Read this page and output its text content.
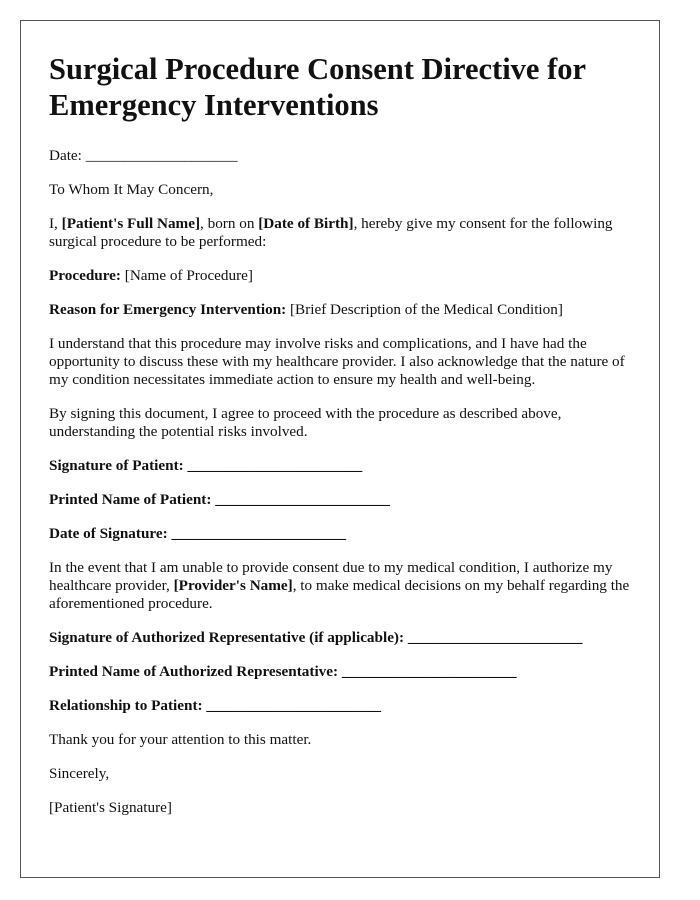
Surgical Procedure Consent Directive for Emergency Interventions

Date: ____________________

To Whom It May Concern,

I, [Patient's Full Name], born on [Date of Birth], hereby give my consent for the following surgical procedure to be performed:

Procedure: [Name of Procedure]

Reason for Emergency Intervention: [Brief Description of the Medical Condition]

I understand that this procedure may involve risks and complications, and I have had the opportunity to discuss these with my healthcare provider. I also acknowledge that the nature of my condition necessitates immediate action to ensure my health and well-being.

By signing this document, I agree to proceed with the procedure as described above, understanding the potential risks involved.

Signature of Patient: _______________________

Printed Name of Patient: _______________________

Date of Signature: _______________________

In the event that I am unable to provide consent due to my medical condition, I authorize my healthcare provider, [Provider's Name], to make medical decisions on my behalf regarding the aforementioned procedure.

Signature of Authorized Representative (if applicable): _______________________

Printed Name of Authorized Representative: _______________________

Relationship to Patient: _______________________

Thank you for your attention to this matter.

Sincerely,

[Patient's Signature]
